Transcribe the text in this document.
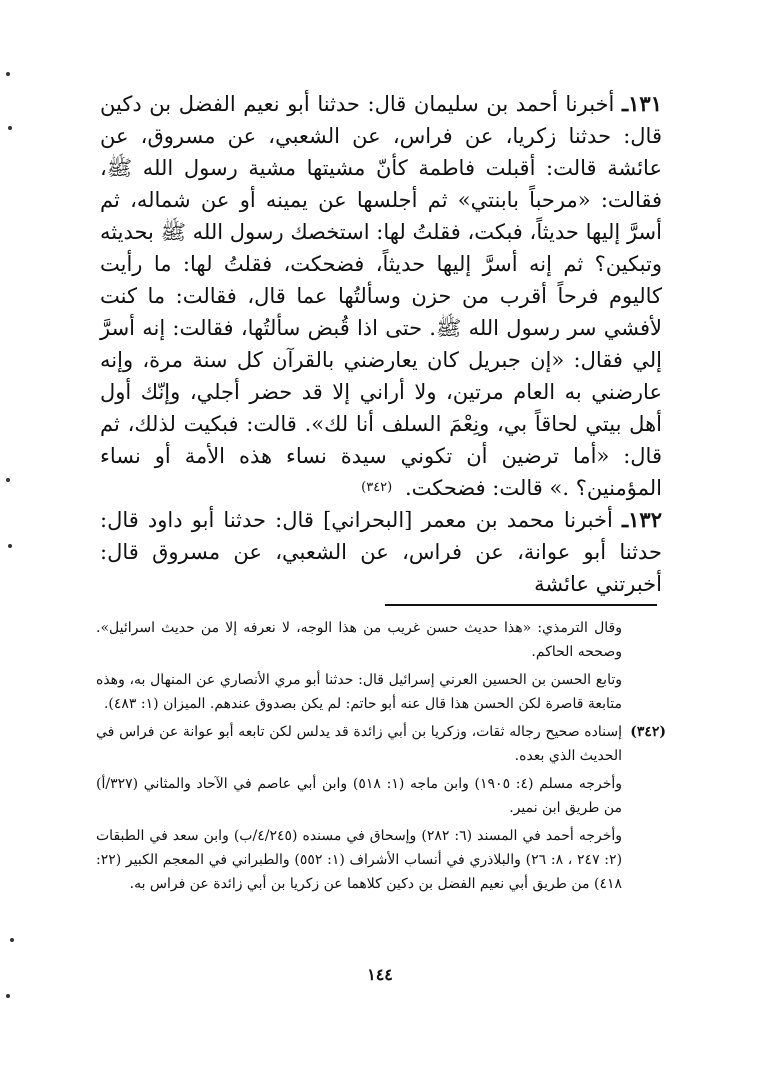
١٣١ـ أخبرنا أحمد بن سليمان قال: حدثنا أبو نعيم الفضل بن دكين قال: حدثنا زكريا، عن فراس، عن الشعبي، عن مسروق، عن عائشة قالت: أقبلت فاطمة كأنّ مشيتها مشية رسول الله ﷺ، فقالت: «مرحباً بابنتي» ثم أجلسها عن يمينه أو عن شماله، ثم أسرَّ إليها حديثاً، فبكت، فقلتُ لها: استخصك رسول الله ﷺ بحديثه وتبكين؟ ثم إنه أسرَّ إليها حديثاً، فضحكت، فقلتُ لها: ما رأيت كاليوم فرحاً أقرب من حزن وسألتُها عما قال، فقالت: ما كنت لأفشي سر رسول الله ﷺ. حتى اذا قُبض سألتُها، فقالت: إنه أسرَّ إلي فقال: «إن جبريل كان يعارضني بالقرآن كل سنة مرة، وإنه عارضني به العام مرتين، ولا أراني إلا قد حضر أجلي، وإنّك أول أهل بيتي لحاقاً بي، ونِعْمَ السلف أنا لك». قالت: فبكيت لذلك، ثم قال: «أما ترضين أن تكوني سيدة نساء هذه الأمة أو نساء المؤمنين؟ .» قالت: فضحكت. (٣٤٢)

١٣٢ـ أخبرنا محمد بن معمر [البحراني] قال: حدثنا أبو داود قال: حدثنا أبو عوانة، عن فراس، عن الشعبي، عن مسروق قال: أخبرتني عائشة

وقال الترمذي: «هذا حديث حسن غريب من هذا الوجه، لا نعرفه إلا من حديث اسرائيل». وصححه الحاكم.

وتابع الحسن بن الحسين العرني إسرائيل قال: حدثنا أبو مري الأنصاري عن المنهال به، وهذه متابعة قاصرة لكن الحسن هذا قال عنه أبو حاتم: لم يكن بصدوق عندهم. الميزان (١: ٤٨٣).

(٣٤٢)
إسناده صحيح رجاله ثقات، وزكريا بن أبي زائدة قد يدلس لكن تابعه أبو عوانة عن فراس في الحديث الذي بعده.

وأخرجه مسلم (٤: ١٩٠٥) وابن ماجه (١: ٥١٨) وابن أبي عاصم في الآحاد والمثاني (٣٢٧/أ) من طريق ابن نمير.

وأخرجه أحمد في المسند (٦: ٢٨٢) وإسحاق في مسنده (٤/٢٤٥/ب) وابن سعد في الطبقات (٢: ٢٤٧ ، ٨: ٢٦) والبلاذري في أنساب الأشراف (١: ٥٥٢) والطبراني في المعجم الكبير (٢٢: ٤١٨) من طريق أبي نعيم الفضل بن دكين كلاهما عن زكريا بن أبي زائدة عن فراس به.

١٤٤
